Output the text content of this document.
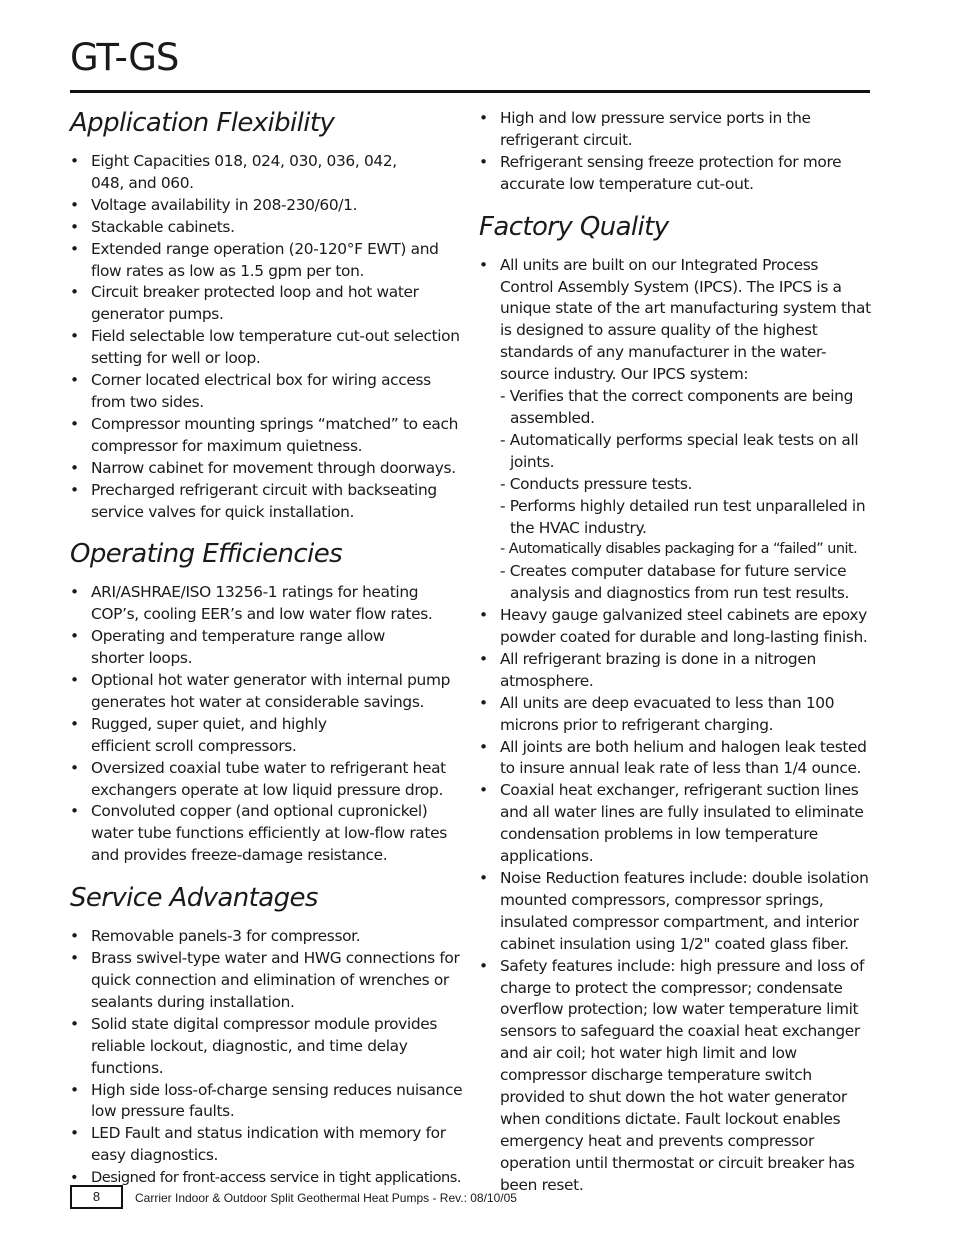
GT-GS
Application Flexibility
• Eight Capacities 018, 024, 030, 036, 042, 048, and 060.
• Voltage availability in 208-230/60/1.
• Stackable cabinets.
• Extended range operation (20-120°F EWT) and flow rates as low as 1.5 gpm per ton.
• Circuit breaker protected loop and hot water generator pumps.
• Field selectable low temperature cut-out selection setting for well or loop.
• Corner located electrical box for wiring access from two sides.
• Compressor mounting springs “matched” to each compressor for maximum quietness.
• Narrow cabinet for movement through doorways.
• Precharged refrigerant circuit with backseating service valves for quick installation.
Operating Efficiencies
• ARI/ASHRAE/ISO 13256-1 ratings for heating COP’s, cooling EER’s and low water flow rates.
• Operating and temperature range allow shorter loops.
• Optional hot water generator with internal pump generates hot water at considerable savings.
• Rugged, super quiet, and highly efficient scroll compressors.
• Oversized coaxial tube water to refrigerant heat exchangers operate at low liquid pressure drop.
• Convoluted copper (and optional cupronickel) water tube functions efficiently at low-flow rates and provides freeze-damage resistance.
Service Advantages
• Removable panels-3 for compressor.
• Brass swivel-type water and HWG connections for quick connection and elimination of wrenches or sealants during installation.
• Solid state digital compressor module provides reliable lockout, diagnostic, and time delay functions.
• High side loss-of-charge sensing reduces nuisance low pressure faults.
• LED Fault and status indication with memory for easy diagnostics.
• Designed for front-access service in tight applications.
• High and low pressure service ports in the refrigerant circuit.
• Refrigerant sensing freeze protection for more accurate low temperature cut-out.
Factory Quality
• All units are built on our Integrated Process Control Assembly System (IPCS). The IPCS is a unique state of the art manufacturing system that is designed to assure quality of the highest standards of any manufacturer in the water-source industry. Our IPCS system:
- Verifies that the correct components are being assembled.
- Automatically performs special leak tests on all joints.
- Conducts pressure tests.
- Performs highly detailed run test unparalleled in the HVAC industry.
- Automatically disables packaging for a “failed” unit.
- Creates computer database for future service analysis and diagnostics from run test results.
• Heavy gauge galvanized steel cabinets are epoxy powder coated for durable and long-lasting finish.
• All refrigerant brazing is done in a nitrogen atmosphere.
• All units are deep evacuated to less than 100 microns prior to refrigerant charging.
• All joints are both helium and halogen leak tested to insure annual leak rate of less than 1/4 ounce.
• Coaxial heat exchanger, refrigerant suction lines and all water lines are fully insulated to eliminate condensation problems in low temperature applications.
• Noise Reduction features include: double isolation mounted compressors, compressor springs, insulated compressor compartment, and interior cabinet insulation using 1/2" coated glass fiber.
• Safety features include: high pressure and loss of charge to protect the compressor; condensate overflow protection; low water temperature limit sensors to safeguard the coaxial heat exchanger and air coil; hot water high limit and low compressor discharge temperature switch provided to shut down the hot water generator when conditions dictate. Fault lockout enables emergency heat and prevents compressor operation until thermostat or circuit breaker has been reset.
8	Carrier Indoor & Outdoor Split Geothermal Heat Pumps - Rev.: 08/10/05
